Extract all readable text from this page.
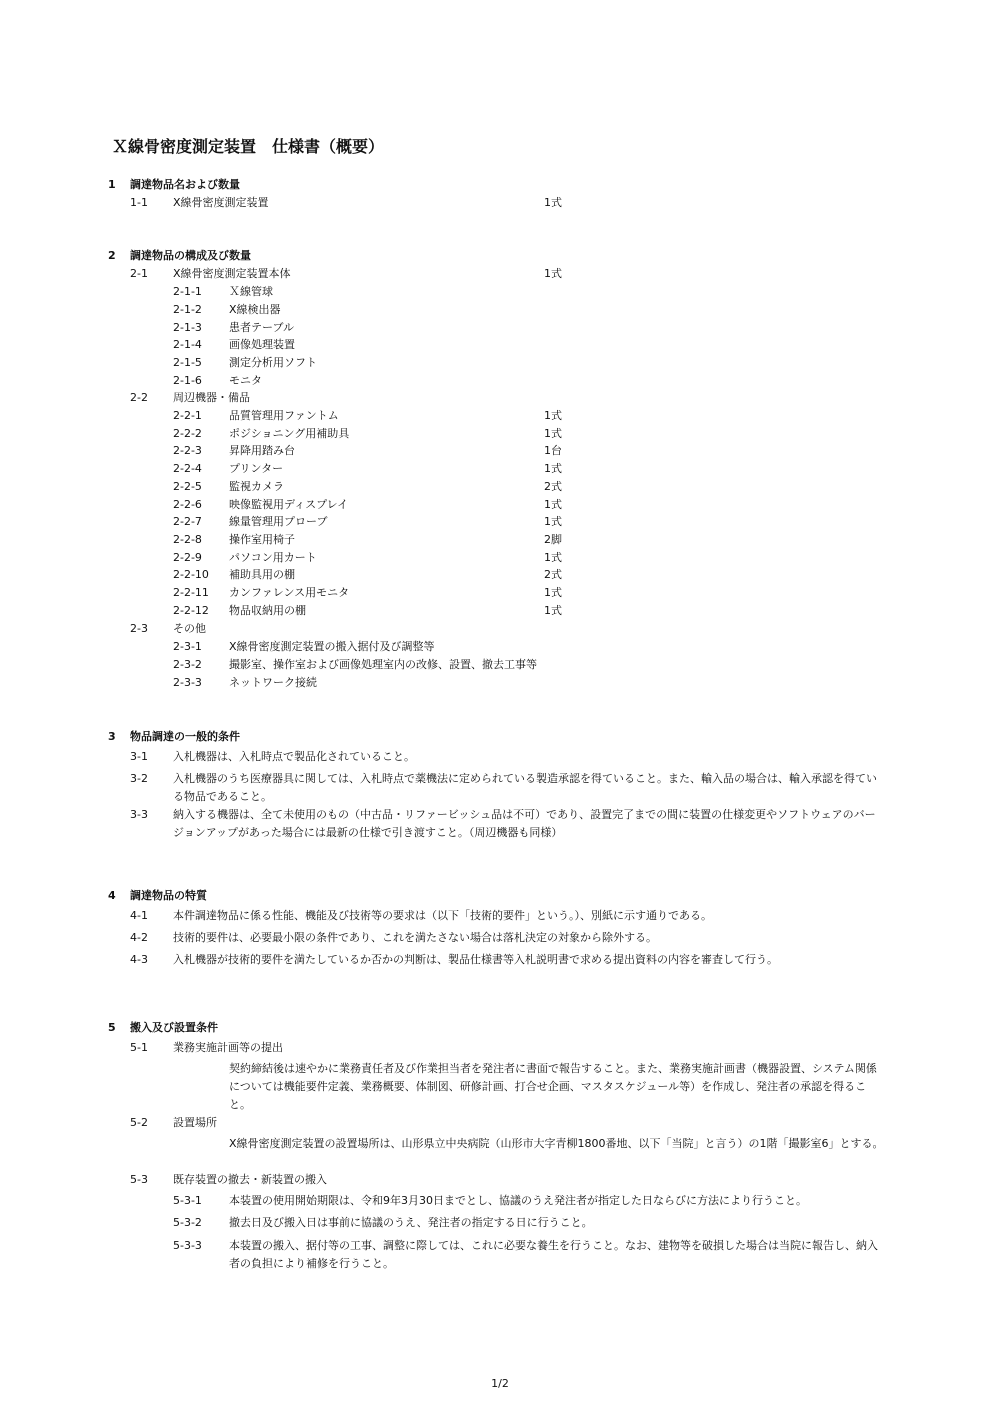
Ｘ線骨密度測定装置　仕様書（概要）
1 調達物品名および数量
1-1 X線骨密度測定装置	1式
2 調達物品の構成及び数量
2-1 X線骨密度測定装置本体	1式
2-1-1 Ｘ線管球
2-1-2 X線検出器
2-1-3 患者テーブル
2-1-4 画像処理装置
2-1-5 測定分析用ソフト
2-1-6 モニタ
2-2 周辺機器・備品
2-2-1 品質管理用ファントム	1式
2-2-2 ポジショニング用補助具	1式
2-2-3 昇降用踏み台	1台
2-2-4 プリンター	1式
2-2-5 監視カメラ	2式
2-2-6 映像監視用ディスプレイ	1式
2-2-7 線量管理用プローブ	1式
2-2-8 操作室用椅子	2脚
2-2-9 パソコン用カート	1式
2-2-10 補助具用の棚	2式
2-2-11 カンファレンス用モニタ	1式
2-2-12 物品収納用の棚	1式
2-3 その他
2-3-1 X線骨密度測定装置の搬入据付及び調整等
2-3-2 撮影室、操作室および画像処理室内の改修、設置、撤去工事等
2-3-3 ネットワーク接続
3 物品調達の一般的条件
3-1 入札機器は、入札時点で製品化されていること。
3-2 入札機器のうち医療器具に関しては、入札時点で薬機法に定められている製造承認を得ていること。また、輸入品の場合は、輸入承認を得ている物品であること。
3-3 納入する機器は、全て未使用のもの（中古品・リファービッシュ品は不可）であり、設置完了までの間に装置の仕様変更やソフトウェアのバージョンアップがあった場合には最新の仕様で引き渡すこと。（周辺機器も同様）
4 調達物品の特質
4-1 本件調達物品に係る性能、機能及び技術等の要求は（以下「技術的要件」という。）、別紙に示す通りである。
4-2 技術的要件は、必要最小限の条件であり、これを満たさない場合は落札決定の対象から除外する。
4-3 入札機器が技術的要件を満たしているか否かの判断は、製品仕様書等入札説明書で求める提出資料の内容を審査して行う。
5 搬入及び設置条件
5-1 業務実施計画等の提出
契約締結後は速やかに業務責任者及び作業担当者を発注者に書面で報告すること。また、業務実施計画書（機器設置、システム関係については機能要件定義、業務概要、体制図、研修計画、打合せ企画、マスタスケジュール等）を作成し、発注者の承認を得ること。
5-2 設置場所
X線骨密度測定装置の設置場所は、山形県立中央病院（山形市大字青柳1800番地、以下「当院」と言う）の1階「撮影室6」とする。
5-3 既存装置の撤去・新装置の搬入
5-3-1 本装置の使用開始期限は、令和9年3月30日までとし、協議のうえ発注者が指定した日ならびに方法により行うこと。
5-3-2 撤去日及び搬入日は事前に協議のうえ、発注者の指定する日に行うこと。
5-3-3 本装置の搬入、据付等の工事、調整に際しては、これに必要な養生を行うこと。なお、建物等を破損した場合は当院に報告し、納入者の負担により補修を行うこと。
1/2
